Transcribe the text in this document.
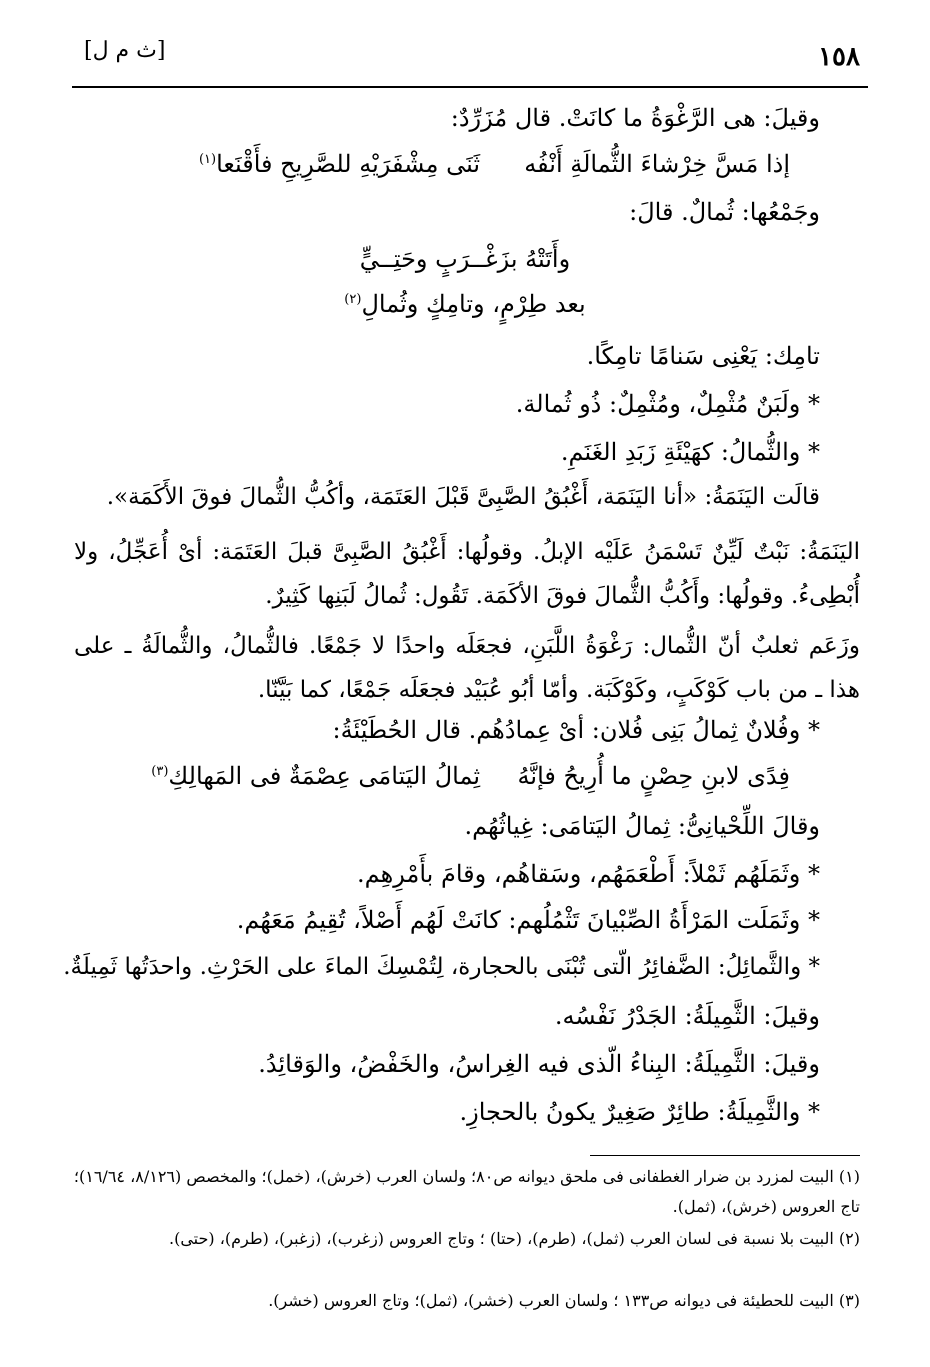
[ث م ل]	١٥٨
وقيلَ: هى الرَّغْوَةُ ما كانَتْ. قال مُزَرِّدٌ:
إذا مَسَّ خِرْشاءَ الثُّمالَةِ أَنْفُه
ثَنَى مِشْفَرَيْهِ للصَّرِيحِ فأَقْنَعا$^{(١)}$
وجَمْعُها: ثُمالٌ. قالَ:
وأَتَتْهُ بزَغْــرَبٍ وحَتِــيٍّ
بعد طِرْمٍ، وتامِكٍ وثُمالِ$^{(٢)}$
تامِك: يَعْنِى سَنامًا تامِكًا.
* ولَبَنٌ مُثْمِلٌ، ومُثْمِلٌ: ذُو ثُمالة.
* والثُّمالُ: كهَيْئَةِ زَبَدِ الغَنَمِ.
قالَت اليَنَمَةُ: «أنا اليَنَمَة، أَغْبُقُ الصَّبِىَّ قَبْلَ العَتَمَة، وأكُبُّ الثُّمالَ فوقَ الأَكَمَة».
اليَنَمَةُ: نَبْتٌ لَيِّنٌ تَسْمَنُ عَلَيْه الإبلُ. وقولُها: أَغْبُقُ الصَّبِىَّ قبلَ العَتَمَة: أىْ أُعَجِّلُ، ولا أُبْطِىءُ. وقولُها: وأَكُبُّ الثُّمالَ فوقَ الأكَمَة. تَقُول: ثُمالُ لَبَنِها كَثِيرٌ.
وزَعَم ثعلبٌ أنّ الثُّمال: رَغْوَةُ اللَّبَنِ، فجعَلَه واحدًا لا جَمْعًا. فالثُّمالُ، والثُّمالَةُ ـ على هذا ـ من باب كَوْكَبٍ، وكَوْكَبَة. وأمّا أبُو عُبَيْد فجعَلَه جَمْعًا، كما بَيَّنّا.
* وفُلانٌ ثِمالُ بَنِى فُلان: أىْ عِمادُهُم. قال الحُطَيْئَةُ:
فِدًى لابنِ حِصْنٍ ما أُرِيحُ فإنَّهُ
ثِمالُ اليَتامَى عِصْمَةٌ فى المَهالِكِ$^{(٣)}$
وقالَ اللِّحْيانِىُّ: ثِمالُ اليَتامَى: غِياثُهُم.
* وثَمَلَهُم ثَمْلاً: أَطْعَمَهُم، وسَقاهُم، وقامَ بأَمْرِهِم.
* وثَمَلَت المَرْأَةُ الصِّبْيانَ تَثْمُلُهم: كانَتْ لَهُم أَصْلاً، تُقِيمُ مَعَهُم.
* والثَّمائِلُ: الضَّفائِرُ الّتى تُبْنَى بالحجارة، لِتُمْسِكَ الماءَ على الحَرْثِ. واحدَتُها ثَمِيلَةٌ.
وقيلَ: الثَّمِيلَةُ: الجَدْرُ نَفْسُه.
وقيلَ: الثَّمِيلَةُ: البِناءُ الّذى فيه الغِراسُ، والخَفْضُ، والوَقائِدُ.
* والثَّمِيلَةُ: طائِرٌ صَغِيرٌ يكونُ بالحجازِ.
(١) البيت لمزرد بن ضرار الغطفانى فى ملحق ديوانه ص٨٠؛ ولسان العرب (خرش)، (خمل)؛ والمخصص (٨/١٢٦، ١٦/٦٤)؛ تاج العروس (خرش)، (ثمل).
(٢) البيت بلا نسبة فى لسان العرب (ثمل)، (طرم)، (حتا) ؛ وتاج العروس (زغرب)، (زغبر)، (طرم)، (حتى).
(٣) البيت للحطيئة فى ديوانه ص١٣٣ ؛ ولسان العرب (خشر)، (ثمل)؛ وتاج العروس (خشر).
